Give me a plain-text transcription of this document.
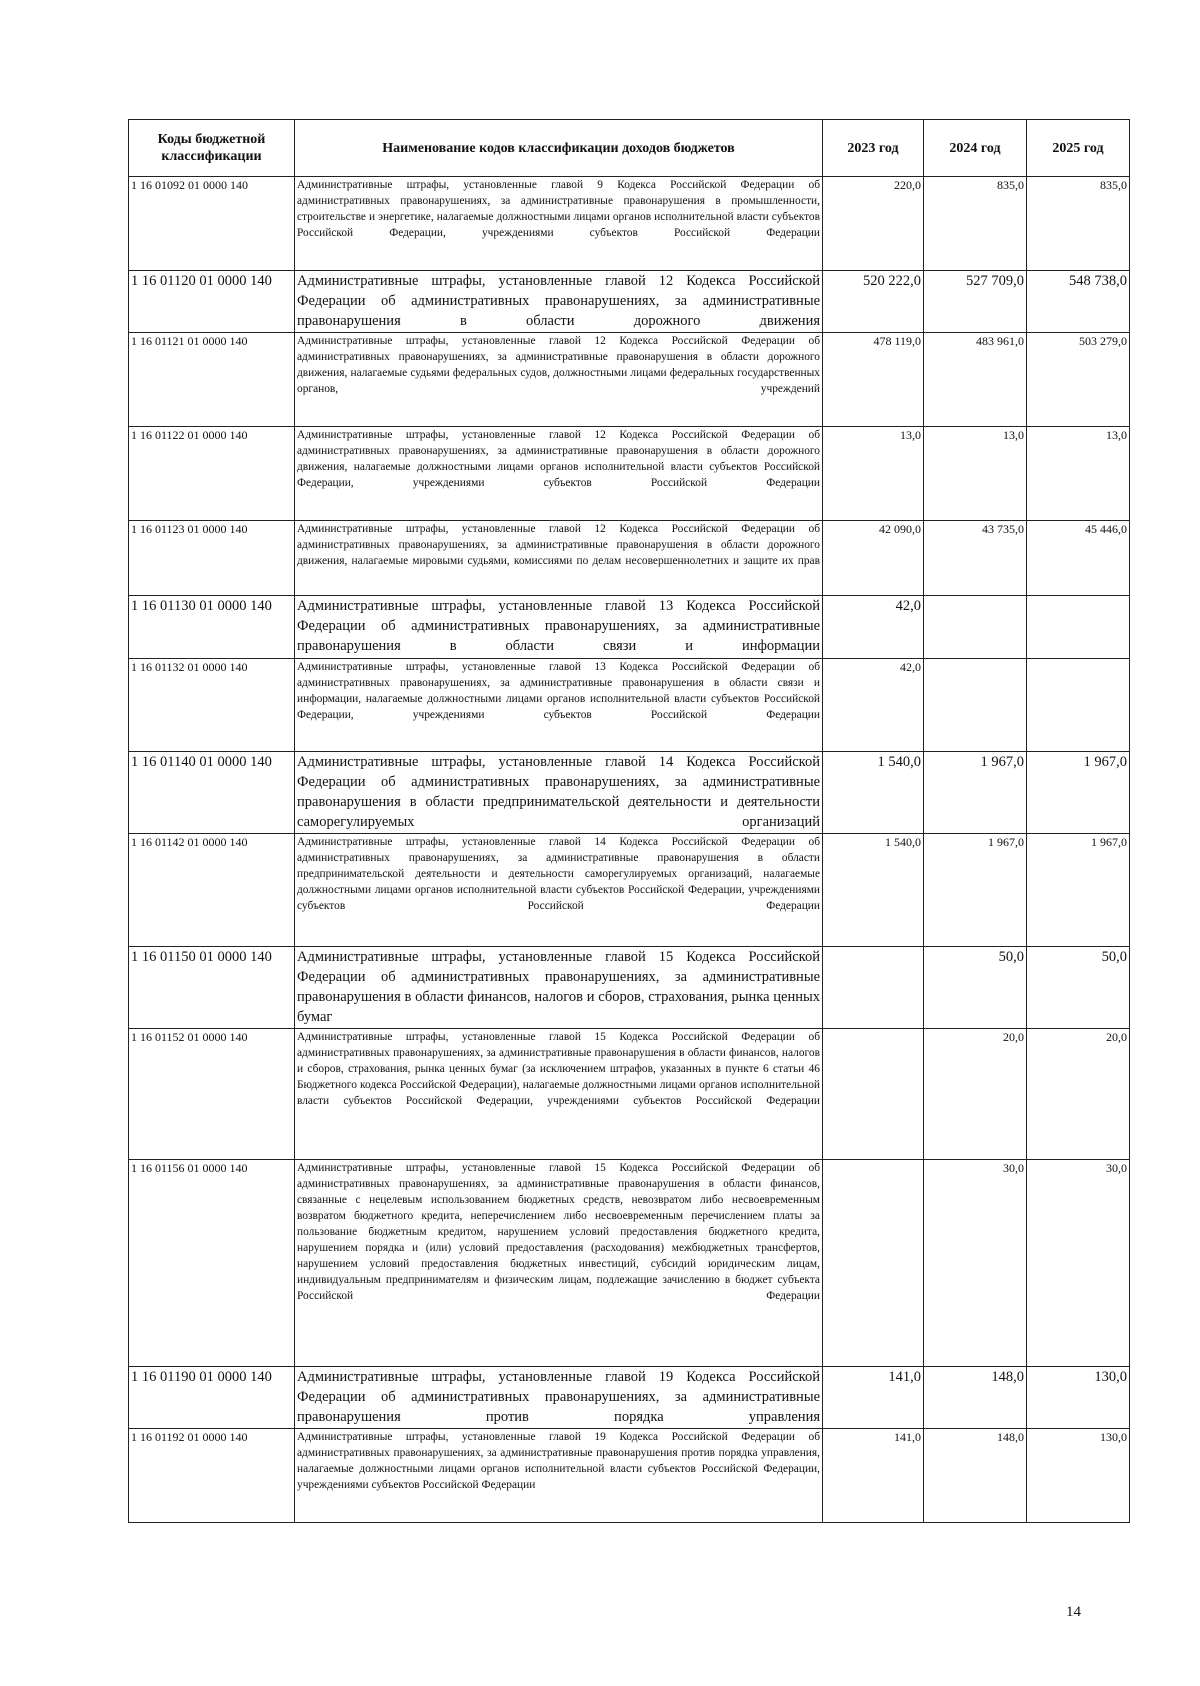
Коды бюджетной классификации	Наименование кодов классификации доходов бюджетов	2023 год	2024 год	2025 год
1 16 01092 01 0000 140	Административные штрафы, установленные главой 9 Кодекса Российской Федерации об административных правонарушениях, за административные правонарушения в промышленности, строительстве и энергетике, налагаемые должностными лицами органов исполнительной власти субъектов Российской Федерации, учреждениями субъектов Российской Федерации	220,0	835,0	835,0
1 16 01120 01 0000 140	Административные штрафы, установленные главой 12 Кодекса Российской Федерации об административных правонарушениях, за административные правонарушения в области дорожного движения	520 222,0	527 709,0	548 738,0
1 16 01121 01 0000 140	Административные штрафы, установленные главой 12 Кодекса Российской Федерации об административных правонарушениях, за административные правонарушения в области дорожного движения, налагаемые судьями федеральных судов, должностными лицами федеральных государственных органов, учреждений	478 119,0	483 961,0	503 279,0
1 16 01122 01 0000 140	Административные штрафы, установленные главой 12 Кодекса Российской Федерации об административных правонарушениях, за административные правонарушения в области дорожного движения, налагаемые должностными лицами органов исполнительной власти субъектов Российской Федерации, учреждениями субъектов Российской Федерации	13,0	13,0	13,0
1 16 01123 01 0000 140	Административные штрафы, установленные главой 12 Кодекса Российской Федерации об административных правонарушениях, за административные правонарушения в области дорожного движения, налагаемые мировыми судьями, комиссиями по делам несовершеннолетних и защите их прав	42 090,0	43 735,0	45 446,0
1 16 01130 01 0000 140	Административные штрафы, установленные главой 13 Кодекса Российской Федерации об административных правонарушениях, за административные правонарушения в области связи и информации	42,0		
1 16 01132 01 0000 140	Административные штрафы, установленные главой 13 Кодекса Российской Федерации об административных правонарушениях, за административные правонарушения в области связи и информации, налагаемые должностными лицами органов исполнительной власти субъектов Российской Федерации, учреждениями субъектов Российской Федерации	42,0		
1 16 01140 01 0000 140	Административные штрафы, установленные главой 14 Кодекса Российской Федерации об административных правонарушениях, за административные правонарушения в области предпринимательской деятельности и деятельности саморегулируемых организаций	1 540,0	1 967,0	1 967,0
1 16 01142 01 0000 140	Административные штрафы, установленные главой 14 Кодекса Российской Федерации об административных правонарушениях, за административные правонарушения в области предпринимательской деятельности и деятельности саморегулируемых организаций, налагаемые должностными лицами органов исполнительной власти субъектов Российской Федерации, учреждениями субъектов Российской Федерации	1 540,0	1 967,0	1 967,0
1 16 01150 01 0000 140	Административные штрафы, установленные главой 15 Кодекса Российской Федерации об административных правонарушениях, за административные правонарушения в области финансов, налогов и сборов, страхования, рынка ценных бумаг		50,0	50,0
1 16 01152 01 0000 140	Административные штрафы, установленные главой 15 Кодекса Российской Федерации об административных правонарушениях, за административные правонарушения в области финансов, налогов и сборов, страхования, рынка ценных бумаг (за исключением штрафов, указанных в пункте 6 статьи 46 Бюджетного кодекса Российской Федерации), налагаемые должностными лицами органов исполнительной власти субъектов Российской Федерации, учреждениями субъектов Российской Федерации		20,0	20,0
1 16 01156 01 0000 140	Административные штрафы, установленные главой 15 Кодекса Российской Федерации об административных правонарушениях, за административные правонарушения в области финансов, связанные с нецелевым использованием бюджетных средств, невозвратом либо несвоевременным возвратом бюджетного кредита, неперечислением либо несвоевременным перечислением платы за пользование бюджетным кредитом, нарушением условий предоставления бюджетного кредита, нарушением порядка и (или) условий предоставления (расходования) межбюджетных трансфертов, нарушением условий предоставления бюджетных инвестиций, субсидий юридическим лицам, индивидуальным предпринимателям и физическим лицам, подлежащие зачислению в бюджет субъекта Российской Федерации		30,0	30,0
1 16 01190 01 0000 140	Административные штрафы, установленные главой 19 Кодекса Российской Федерации об административных правонарушениях, за административные правонарушения против порядка управления	141,0	148,0	130,0
1 16 01192 01 0000 140	Административные штрафы, установленные главой 19 Кодекса Российской Федерации об административных правонарушениях, за административные правонарушения против порядка управления, налагаемые должностными лицами органов исполнительной власти субъектов Российской Федерации, учреждениями субъектов Российской Федерации	141,0	148,0	130,0
14
